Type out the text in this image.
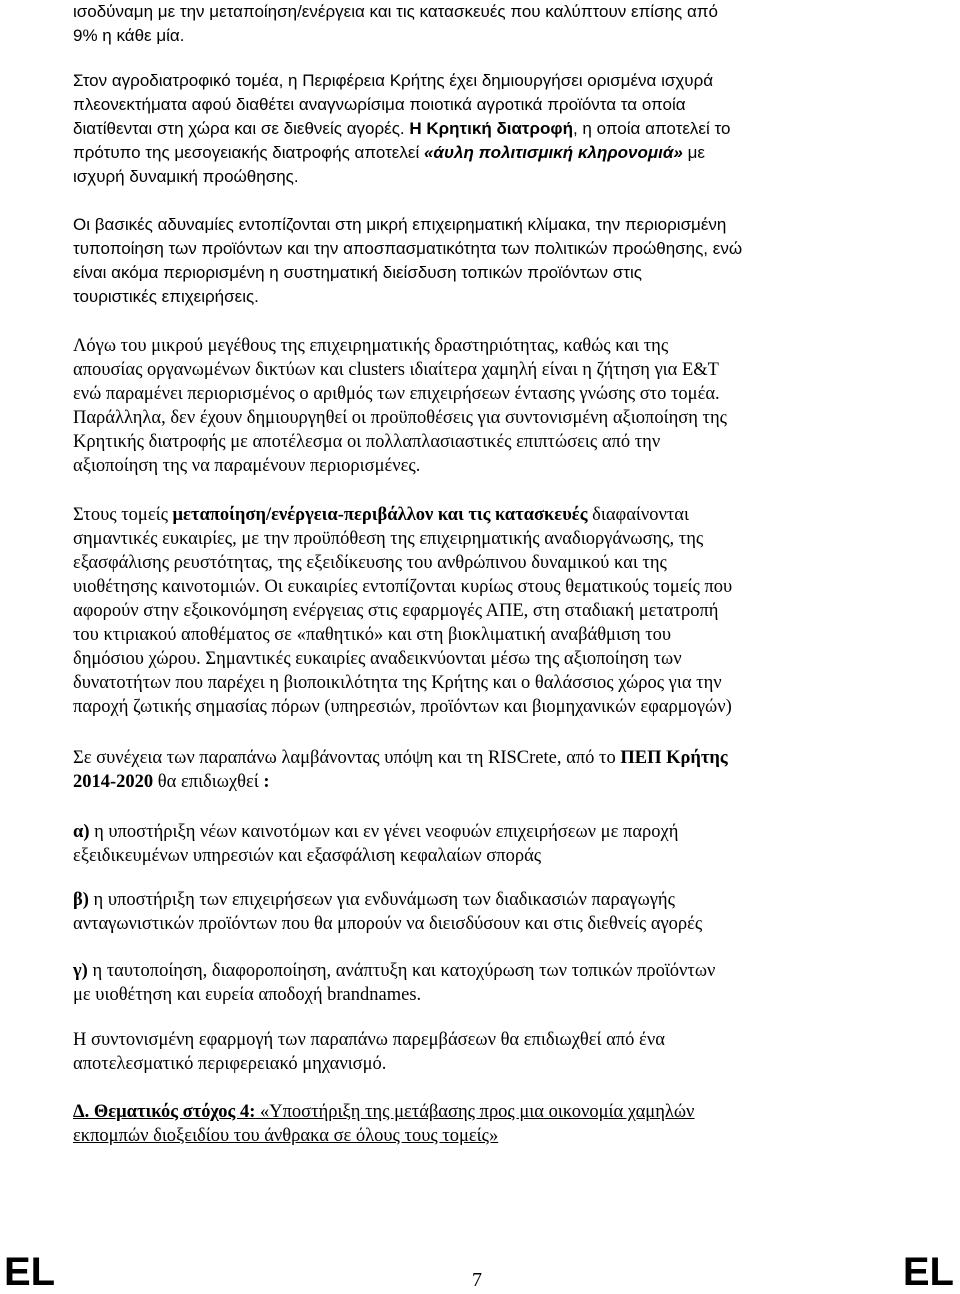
ισοδύναμη με την μεταποίηση/ενέργεια και τις κατασκευές που καλύπτουν επίσης από
9% η κάθε μία.

Στον αγροδιατροφικό τομέα, η Περιφέρεια Κρήτης έχει δημιουργήσει ορισμένα ισχυρά
πλεονεκτήματα αφού διαθέτει αναγνωρίσιμα ποιοτικά αγροτικά προϊόντα τα οποία
διατίθενται στη χώρα και σε διεθνείς αγορές. Η Κρητική διατροφή, η οποία αποτελεί το
πρότυπο της μεσογειακής διατροφής αποτελεί «άυλη πολιτισμική κληρονομιά» με
ισχυρή δυναμική προώθησης.

Οι βασικές αδυναμίες εντοπίζονται στη μικρή επιχειρηματική κλίμακα, την περιορισμένη
τυποποίηση των προϊόντων και την αποσπασματικότητα των πολιτικών προώθησης, ενώ
είναι ακόμα περιορισμένη η συστηματική διείσδυση τοπικών προϊόντων στις
τουριστικές επιχειρήσεις.

Λόγω του μικρού μεγέθους της επιχειρηματικής δραστηριότητας, καθώς και της
απουσίας οργανωμένων δικτύων και clusters ιδιαίτερα χαμηλή είναι η ζήτηση για Ε&Τ
ενώ παραμένει περιορισμένος ο αριθμός των επιχειρήσεων έντασης γνώσης στο τομέα.
Παράλληλα, δεν έχουν δημιουργηθεί οι προϋποθέσεις για συντονισμένη αξιοποίηση της
Κρητικής διατροφής με αποτέλεσμα οι πολλαπλασιαστικές επιπτώσεις από την
αξιοποίηση της να παραμένουν περιορισμένες.

Στους τομείς μεταποίηση/ενέργεια-περιβάλλον και τις κατασκευές διαφαίνονται
σημαντικές ευκαιρίες, με την προϋπόθεση της επιχειρηματικής αναδιοργάνωσης, της
εξασφάλισης ρευστότητας, της εξειδίκευσης του ανθρώπινου δυναμικού και της
υιοθέτησης καινοτομιών. Οι ευκαιρίες εντοπίζονται κυρίως στους θεματικούς τομείς που
αφορούν στην εξοικονόμηση ενέργειας στις εφαρμογές ΑΠΕ, στη σταδιακή μετατροπή
του κτιριακού αποθέματος σε «παθητικό» και στη βιοκλιματική αναβάθμιση του
δημόσιου χώρου. Σημαντικές ευκαιρίες αναδεικνύονται μέσω της αξιοποίηση των
δυνατοτήτων που παρέχει η βιοποικιλότητα της Κρήτης και ο θαλάσσιος χώρος για την
παροχή ζωτικής σημασίας πόρων (υπηρεσιών, προϊόντων και βιομηχανικών εφαρμογών)

Σε συνέχεια των παραπάνω λαμβάνοντας υπόψη και τη RISCrete, από το ΠΕΠ Κρήτης
2014-2020 θα επιδιωχθεί :

α) η υποστήριξη νέων καινοτόμων και εν γένει νεοφυών επιχειρήσεων με παροχή
εξειδικευμένων υπηρεσιών και εξασφάλιση κεφαλαίων σποράς

β) η υποστήριξη των επιχειρήσεων για ενδυνάμωση των διαδικασιών παραγωγής
ανταγωνιστικών προϊόντων που θα μπορούν να διεισδύσουν και στις διεθνείς αγορές

γ) η ταυτοποίηση, διαφοροποίηση, ανάπτυξη και κατοχύρωση των τοπικών προϊόντων
με υιοθέτηση και ευρεία αποδοχή brandnames.

Η συντονισμένη εφαρμογή των παραπάνω παρεμβάσεων θα επιδιωχθεί από ένα
αποτελεσματικό περιφερειακό μηχανισμό.

Δ. Θεματικός στόχος 4: «Υποστήριξη της μετάβασης προς μια οικονομία χαμηλών
εκπομπών διοξειδίου του άνθρακα σε όλους τους τομείς»

EL	7	EL
